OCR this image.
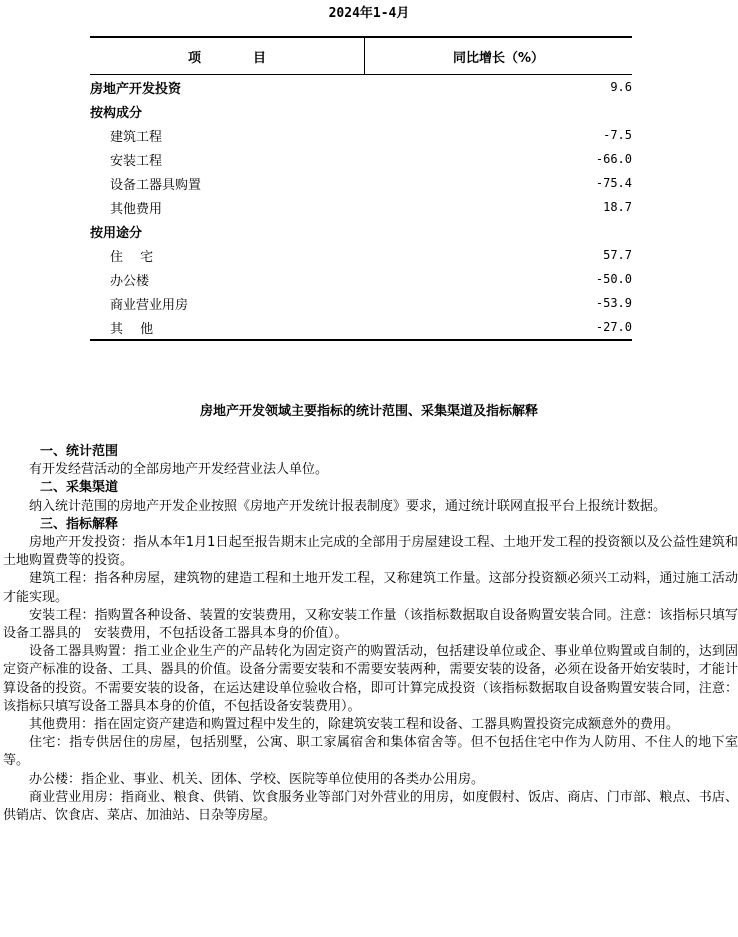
2024年1-4月
项　　　　目	同比增长（%）
房地产开发投资	9.6
按构成分	
建筑工程	-7.5
安装工程	-66.0
设备工器具购置	-75.4
其他费用	18.7
按用途分	
住　 宅	57.7
办公楼	-50.0
商业营业用房	-53.9
其　 他	-27.0
房地产开发领域主要指标的统计范围、采集渠道及指标解释
一、统计范围

有开发经营活动的全部房地产开发经营业法人单位。

二、采集渠道

纳入统计范围的房地产开发企业按照《房地产开发统计报表制度》要求，通过统计联网直报平台上报统计数据。

三、指标解释

房地产开发投资：指从本年1月1日起至报告期末止完成的全部用于房屋建设工程、土地开发工程的投资额以及公益性建筑和土地购置费等的投资。

建筑工程：指各种房屋，建筑物的建造工程和土地开发工程，又称建筑工作量。这部分投资额必须兴工动料，通过施工活动才能实现。

安装工程：指购置各种设备、装置的安装费用，又称安装工作量（该指标数据取自设备购置安装合同。注意：该指标只填写设备工器具的　安装费用，不包括设备工器具本身的价值）。

设备工器具购置：指工业企业生产的产品转化为固定资产的购置活动，包括建设单位或企、事业单位购置或自制的，达到固定资产标准的设备、工具、器具的价值。设备分需要安装和不需要安装两种，需要安装的设备，必须在设备开始安装时，才能计算设备的投资。不需要安装的设备，在运达建设单位验收合格，即可计算完成投资（该指标数据取自设备购置安装合同，注意：该指标只填写设备工器具本身的价值，不包括设备安装费用）。

其他费用：指在固定资产建造和购置过程中发生的，除建筑安装工程和设备、工器具购置投资完成额意外的费用。

住宅：指专供居住的房屋，包括别墅，公寓、职工家属宿舍和集体宿舍等。但不包括住宅中作为人防用、不住人的地下室等。

办公楼：指企业、事业、机关、团体、学校、医院等单位使用的各类办公用房。

商业营业用房：指商业、粮食、供销、饮食服务业等部门对外营业的用房，如度假村、饭店、商店、门市部、粮点、书店、供销店、饮食店、菜店、加油站、日杂等房屋。
